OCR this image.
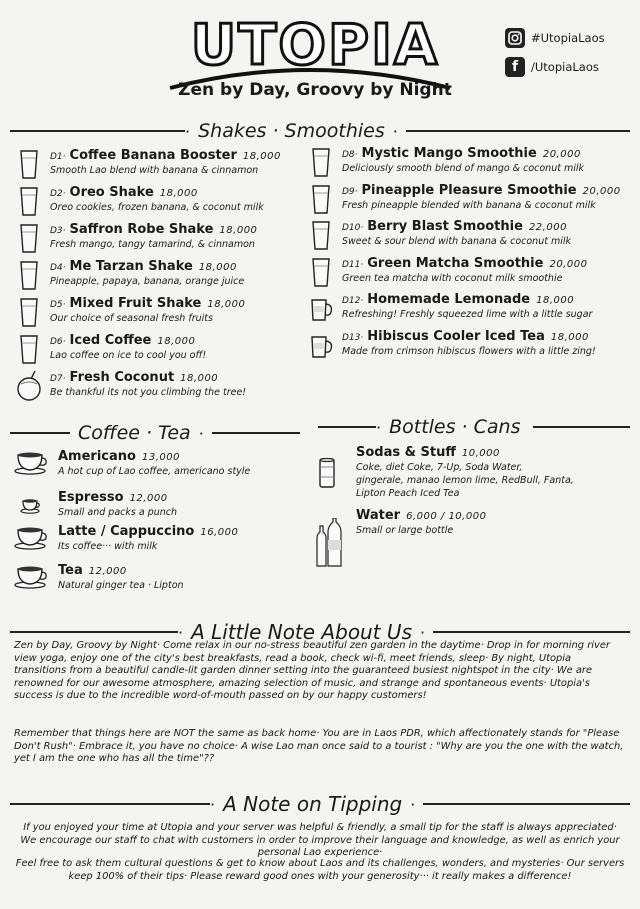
UTOPIA
Zen by Day, Groovy by Night
#UtopiaLaos
f	/UtopiaLaos
· Shakes · Smoothies ·
D1· Coffee Banana Booster 18,000
Smooth Lao blend with banana & cinnamon
D2· Oreo Shake 18,000
Oreo cookies, frozen banana, & coconut milk
D3· Saffron Robe Shake 18,000
Fresh mango, tangy tamarind, & cinnamon
D4· Me Tarzan Shake 18,000
Pineapple, papaya, banana, orange juice
D5· Mixed Fruit Shake 18,000
Our choice of seasonal fresh fruits
D6· Iced Coffee 18,000
Lao coffee on ice to cool you off!
D7· Fresh Coconut 18,000
Be thankful its not you climbing the tree!
D8· Mystic Mango Smoothie 20,000
Deliciously smooth blend of mango & coconut milk
D9· Pineapple Pleasure Smoothie 20,000
Fresh pineapple blended with banana & coconut milk
D10· Berry Blast Smoothie 22,000
Sweet & sour blend with banana & coconut milk
D11· Green Matcha Smoothie 20,000
Green tea matcha with coconut milk smoothie
D12· Homemade Lemonade 18,000
Refreshing! Freshly squeezed lime with a little sugar
D13· Hibiscus Cooler Iced Tea 18,000
Made from crimson hibiscus flowers with a little zing!
Coffee · Tea ·	· Bottles · Cans
Americano 13,000
A hot cup of Lao coffee, americano style
Espresso 12,000
Small and packs a punch
Latte / Cappuccino 16,000
Its coffee··· with milk
Tea 12,000
Natural ginger tea · Lipton
Sodas & Stuff 10,000
Coke, diet Coke, 7-Up, Soda Water,
gingerale, manao lemon lime, RedBull, Fanta,
Lipton Peach Iced Tea
Water 6,000 / 10,000
Small or large bottle
· A Little Note About Us ·
Zen by Day, Groovy by Night· Come relax in our no-stress beautiful zen garden in the daytime· Drop in for morning river view yoga, enjoy one of the city's best breakfasts, read a book, check wi-fi, meet friends, sleep· By night, Utopia transitions from a beautiful candle-lit garden dinner setting into the guaranteed busiest nightspot in the city· We are renowned for our awesome atmosphere, amazing selection of music, and strange and spontaneous events· Utopia's success is due to the incredible word-of-mouth passed on by our happy customers!
Remember that things here are NOT the same as back home· You are in Laos PDR, which affectionately stands for "Please Don't Rush"· Embrace it, you have no choice· A wise Lao man once said to a tourist : "Why are you the one with the watch, yet I am the one who has all the time"??
· A Note on Tipping ·
If you enjoyed your time at Utopia and your server was helpful & friendly, a small tip for the staff is always appreciated· We encourage our staff to chat with customers in order to improve their language and knowledge, as well as enrich your personal Lao experience·
Feel free to ask them cultural questions & get to know about Laos and its challenges, wonders, and mysteries· Our servers keep 100% of their tips· Please reward good ones with your generosity··· it really makes a difference!
